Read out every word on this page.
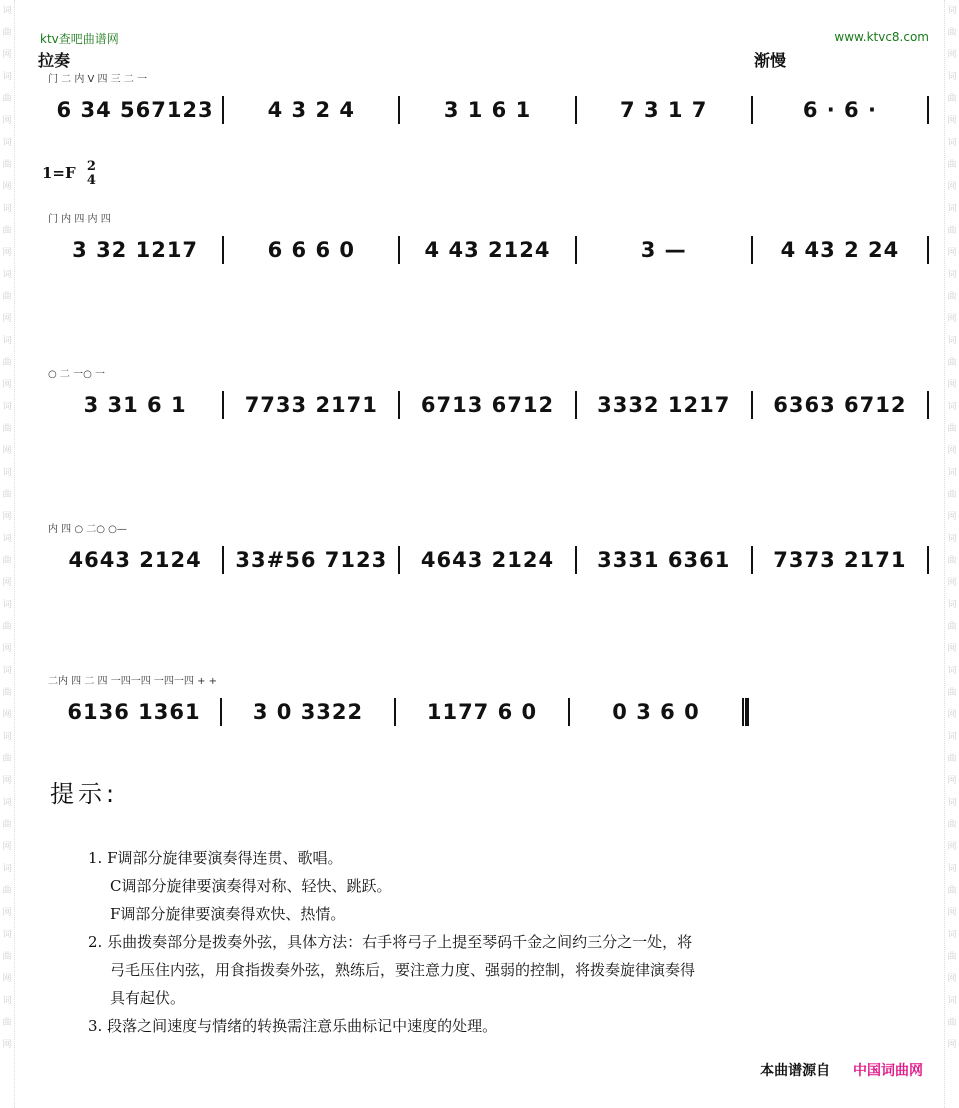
词曲网词曲网词曲网词曲网词曲网词曲网词曲网词曲网词曲网词曲网词曲网词曲网词曲网词曲网词曲网词曲网
词曲网词曲网词曲网词曲网词曲网词曲网词曲网词曲网词曲网词曲网词曲网词曲网词曲网词曲网词曲网词曲网
ktv查吧曲谱网	www.ktvc8.com
拉奏	渐慢
门 二 内 V 四 三 二 一
6 34 567123	4 3 2 4	3 1 6 1	7 3 1 7	6 · 6 ·
1=F 2
4
门 内 四 内 四
3 32 1217	6 6 6 0	4 43 2124	3 —	4 43 2 24
○ 二 一○ 一
3 31 6 1	7733 2171	6713 6712	3332 1217	6363 6712
内 四 ○ 二○ ○—
4643 2124	33#56 7123	4643 2124	3331 6361	7373 2171
二内 四 二 四 一四一四 一四一四 + +
6136 1361	3 0 3322	1177 6 0	0 3 6 0
提示:

1. F调部分旋律要演奏得连贯、歌唱。

C调部分旋律要演奏得对称、轻快、跳跃。

F调部分旋律要演奏得欢快、热情。

2. 乐曲拨奏部分是拨奏外弦，具体方法：右手将弓子上提至琴码千金之间约三分之一处，将

弓毛压住内弦，用食指拨奏外弦，熟练后，要注意力度、强弱的控制，将拨奏旋律演奏得

具有起伏。

3. 段落之间速度与情绪的转换需注意乐曲标记中速度的处理。

本曲谱源自 中国词曲网
